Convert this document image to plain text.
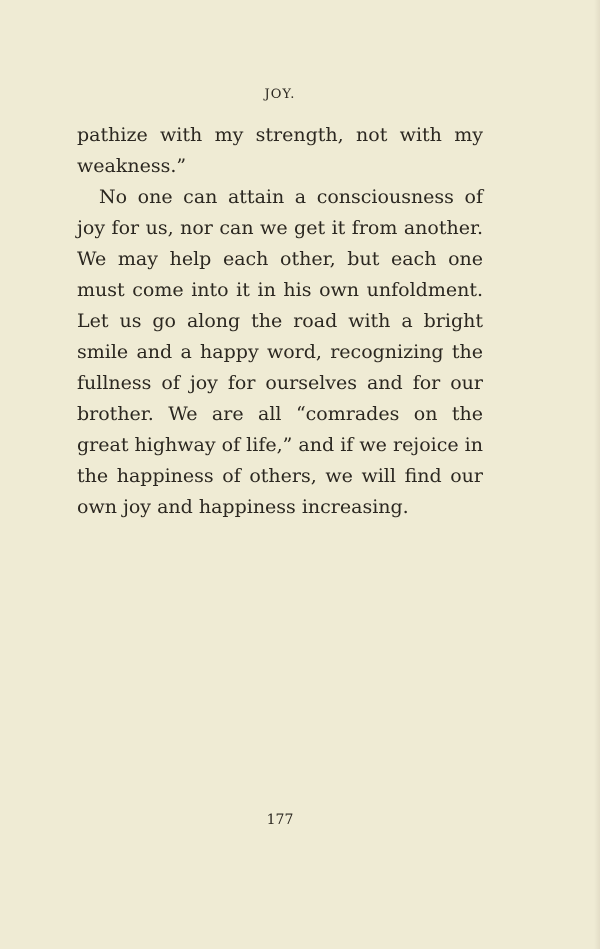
JOY.

pathize with my strength, not with my weakness.”

No one can attain a consciousness of joy for us, nor can we get it from another. We may help each other, but each one must come into it in his own unfoldment. Let us go along the road with a bright smile and a happy word, recognizing the fullness of joy for ourselves and for our brother. We are all “comrades on the great highway of life,” and if we rejoice in the happiness of others, we will find our own joy and happiness increasing.

177
